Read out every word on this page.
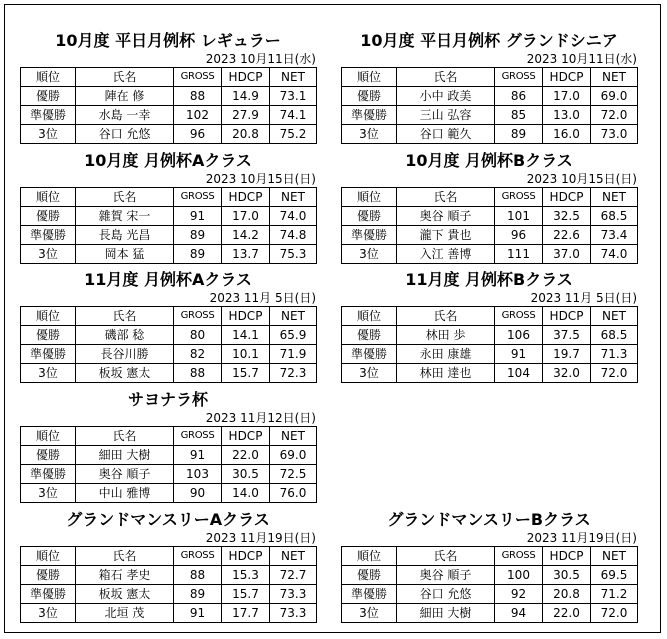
10月度 平日月例杯 レギュラー
2023 10月11日(水)
順位	氏名	GROSS	HDCP	NET
優勝	陣在 修	88	14.9	73.1
準優勝	水島 一幸	102	27.9	74.1
3位	谷口 允悠	96	20.8	75.2
10月度 平日月例杯 グランドシニア
2023 10月11日(水)
順位	氏名	GROSS	HDCP	NET
優勝	小中 政美	86	17.0	69.0
準優勝	三山 弘容	85	13.0	72.0
3位	谷口 範久	89	16.0	73.0
10月度 月例杯Aクラス
2023 10月15日(日)
順位	氏名	GROSS	HDCP	NET
優勝	雜賀 宋一	91	17.0	74.0
準優勝	長島 光昌	89	14.2	74.8
3位	岡本 猛	89	13.7	75.3
10月度 月例杯Bクラス
2023 10月15日(日)
順位	氏名	GROSS	HDCP	NET
優勝	奥谷 順子	101	32.5	68.5
準優勝	瀧下 貴也	96	22.6	73.4
3位	入江 善博	111	37.0	74.0
11月度 月例杯Aクラス
2023 11月 5日(日)
順位	氏名	GROSS	HDCP	NET
優勝	磯部 稔	80	14.1	65.9
準優勝	長谷川勝	82	10.1	71.9
3位	板坂 憲太	88	15.7	72.3
11月度 月例杯Bクラス
2023 11月 5日(日)
順位	氏名	GROSS	HDCP	NET
優勝	林田 歩	106	37.5	68.5
準優勝	永田 康雄	91	19.7	71.3
3位	林田 達也	104	32.0	72.0
サヨナラ杯
2023 11月12日(日)
順位	氏名	GROSS	HDCP	NET
優勝	細田 大樹	91	22.0	69.0
準優勝	奥谷 順子	103	30.5	72.5
3位	中山 雅博	90	14.0	76.0
グランドマンスリーAクラス
2023 11月19日(日)
順位	氏名	GROSS	HDCP	NET
優勝	箱石 孝史	88	15.3	72.7
準優勝	板坂 憲太	89	15.7	73.3
3位	北垣 茂	91	17.7	73.3
グランドマンスリーBクラス
2023 11月19日(日)
順位	氏名	GROSS	HDCP	NET
優勝	奥谷 順子	100	30.5	69.5
準優勝	谷口 允悠	92	20.8	71.2
3位	細田 大樹	94	22.0	72.0
